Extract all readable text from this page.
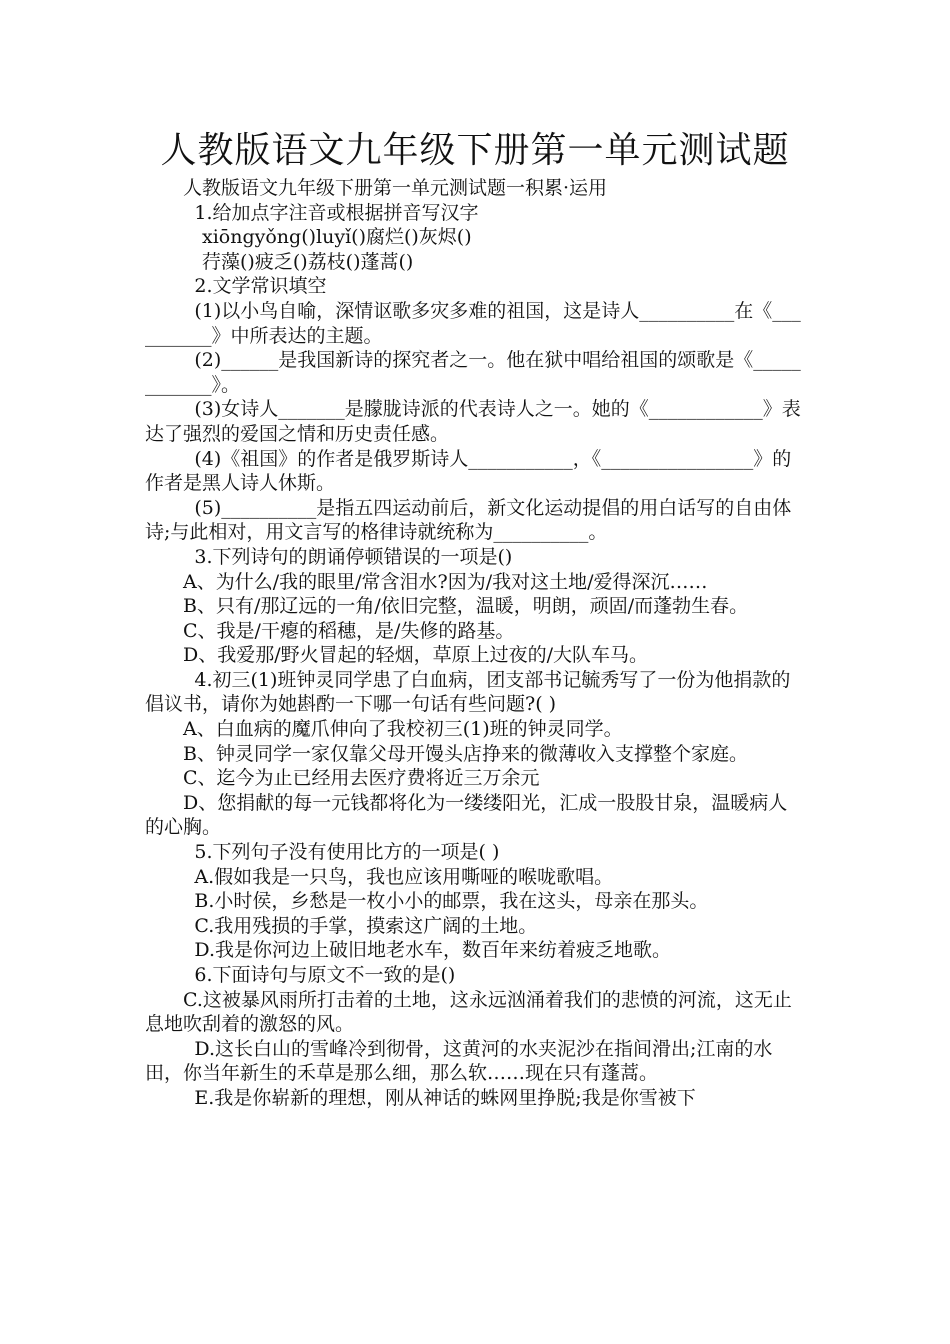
人教版语文九年级下册第一单元测试题

人教版语文九年级下册第一单元测试题一积累·运用

1.给加点字注音或根据拼音写汉字

xiōngyǒng()luyǐ()腐烂()灰烬()

荇藻()疲乏()荔枝()蓬蒿()

2.文学常识填空

(1)以小鸟自喻，深情讴歌多灾多难的祖国，这是诗人__________在《__________》中所表达的主题。

(2)______是我国新诗的探究者之一。他在狱中唱给祖国的颂歌是《____________》。

(3)女诗人_______是朦胧诗派的代表诗人之一。她的《____________》表达了强烈的爱国之情和历史责任感。

(4)《祖国》的作者是俄罗斯诗人___________，《________________》的作者是黑人诗人休斯。

(5)__________是指五四运动前后，新文化运动提倡的用白话写的自由体诗;与此相对，用文言写的格律诗就统称为__________。

3.下列诗句的朗诵停顿错误的一项是()

A、为什么/我的眼里/常含泪水?因为/我对这土地/爱得深沉……

B、只有/那辽远的一角/依旧完整，温暖，明朗，顽固/而蓬勃生春。

C、我是/干瘪的稻穗，是/失修的路基。

D、我爱那/野火冒起的轻烟，草原上过夜的/大队车马。

4.初三(1)班钟灵同学患了白血病，团支部书记毓秀写了一份为他捐款的倡议书，请你为她斟酌一下哪一句话有些问题?( )

A、白血病的魔爪伸向了我校初三(1)班的钟灵同学。

B、钟灵同学一家仅靠父母开馒头店挣来的微薄收入支撑整个家庭。

C、迄今为止已经用去医疗费将近三万余元

D、您捐献的每一元钱都将化为一缕缕阳光，汇成一股股甘泉，温暖病人的心胸。

5.下列句子没有使用比方的一项是( )

A.假如我是一只鸟，我也应该用嘶哑的喉咙歌唱。

B.小时侯，乡愁是一枚小小的邮票，我在这头，母亲在那头。

C.我用残损的手掌，摸索这广阔的土地。

D.我是你河边上破旧地老水车，数百年来纺着疲乏地歌。

6.下面诗句与原文不一致的是()

C.这被暴风雨所打击着的土地，这永远汹涌着我们的悲愤的河流，这无止息地吹刮着的激怒的风。

D.这长白山的雪峰冷到彻骨，这黄河的水夹泥沙在指间滑出;江南的水田，你当年新生的禾草是那么细，那么软……现在只有蓬蒿。

E.我是你崭新的理想，刚从神话的蛛网里挣脱;我是你雪被下
